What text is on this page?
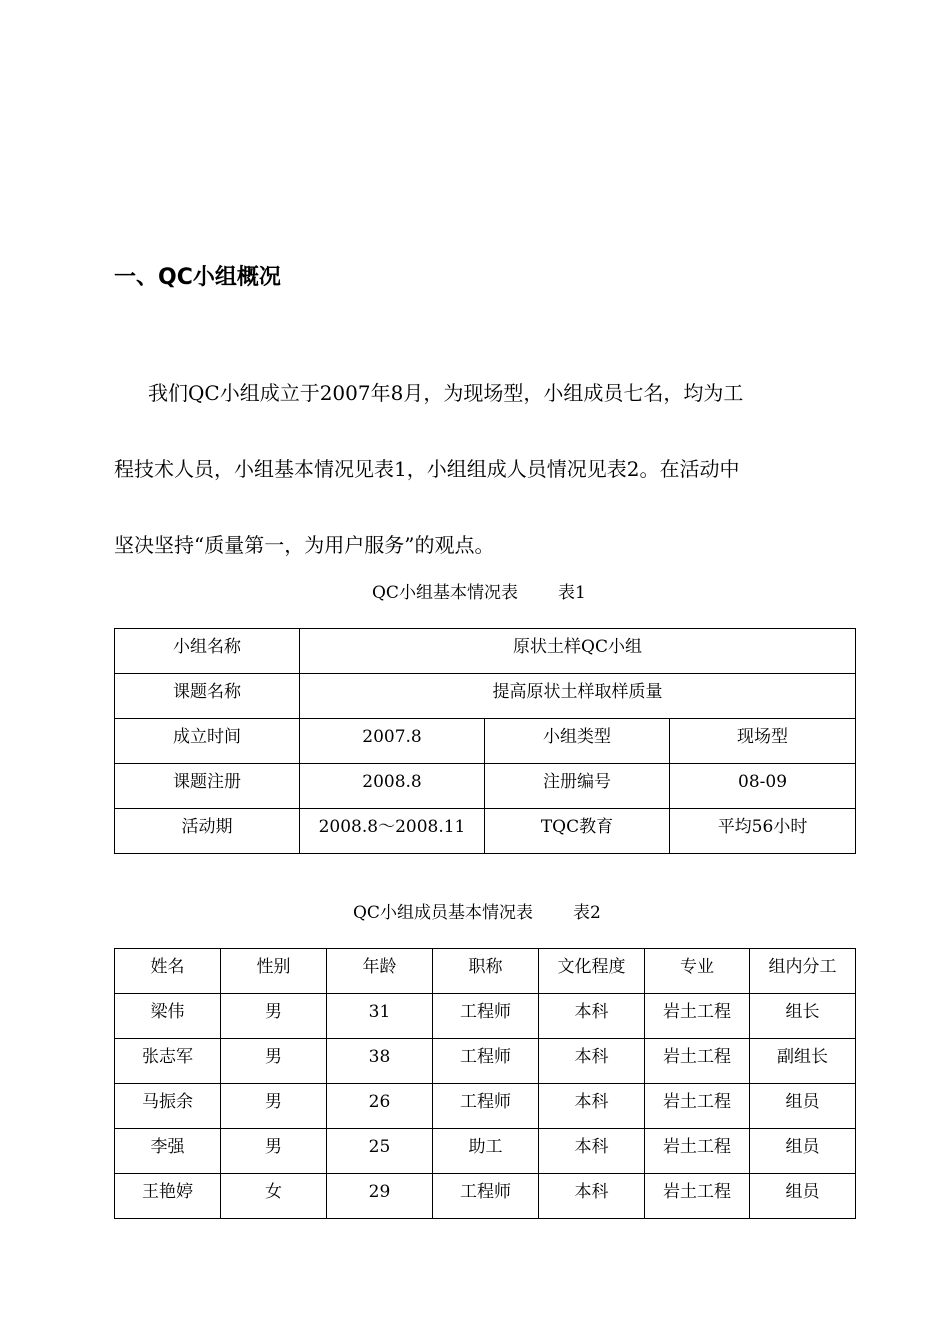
一、QC小组概况
我们QC小组成立于2007年8月，为现场型，小组成员七名，均为工
程技术人员，小组基本情况见表1，小组组成人员情况见表2。在活动中
坚决坚持“质量第一，为用户服务”的观点。
QC小组基本情况表 表1
小组名称	原状土样QC小组		
课题名称	提高原状土样取样质量		
成立时间	2007.8	小组类型	现场型
课题注册	2008.8	注册编号	08-09
活动期	2008.8～2008.11	TQC教育	平均56小时
QC小组成员基本情况表 表2
姓名	性别	年龄	职称	文化程度	专业	组内分工
梁伟	男	31	工程师	本科	岩土工程	组长
张志军	男	38	工程师	本科	岩土工程	副组长
马振余	男	26	工程师	本科	岩土工程	组员
李强	男	25	助工	本科	岩土工程	组员
王艳婷	女	29	工程师	本科	岩土工程	组员
